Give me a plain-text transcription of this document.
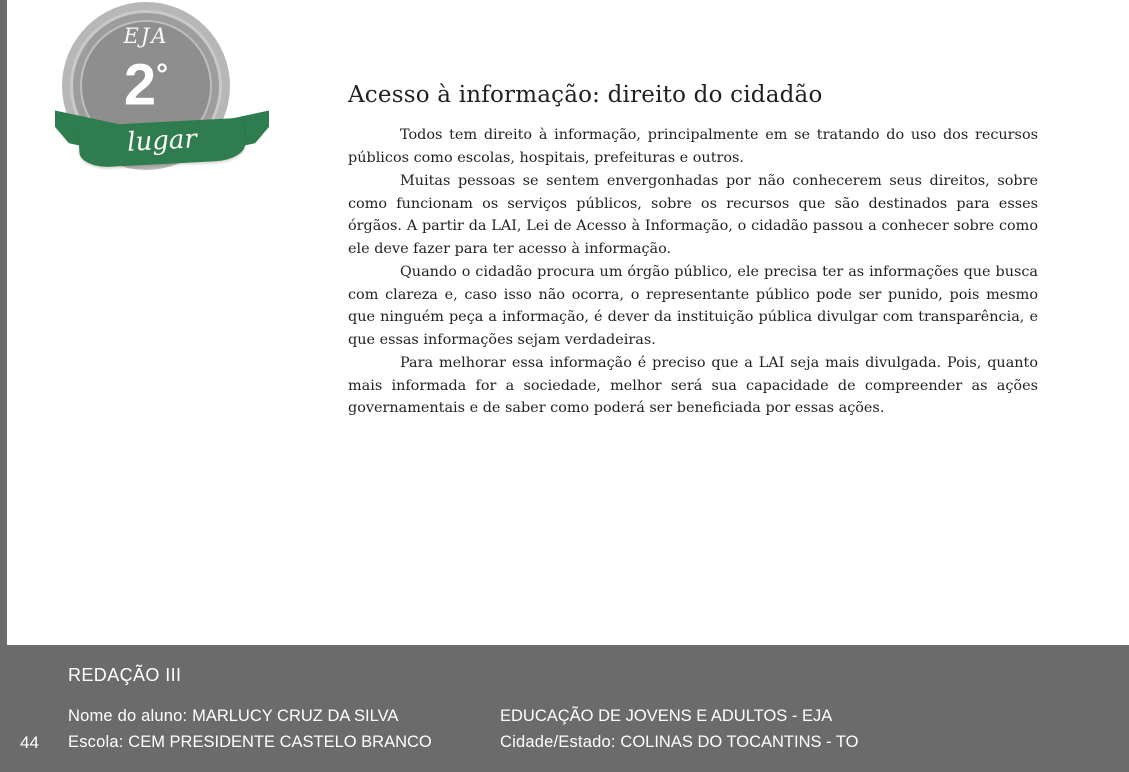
EJA
2°
lugar
Acesso à informação: direito do cidadão

Todos tem direito à informação, principalmente em se tratando do uso dos recursos públicos como escolas, hospitais, prefeituras e outros.

Muitas pessoas se sentem envergonhadas por não conhecerem seus direitos, sobre como funcionam os serviços públicos, sobre os recursos que são destinados para esses órgãos. A partir da LAI, Lei de Acesso à Informação, o cidadão passou a conhecer sobre como ele deve fazer para ter acesso à informação.

Quando o cidadão procura um órgão público, ele precisa ter as informações que busca com clareza e, caso isso não ocorra, o representante público pode ser punido, pois mesmo que ninguém peça a informação, é dever da instituição pública divulgar com transparência, e que essas informações sejam verdadeiras.

Para melhorar essa informação é preciso que a LAI seja mais divulgada. Pois, quanto mais informada for a sociedade, melhor será sua capacidade de compreender as ações governamentais e de saber como poderá ser beneficiada por essas ações.

44
REDAÇÃO III
Nome do aluno: MARLUCY CRUZ DA SILVA
Escola: CEM PRESIDENTE CASTELO BRANCO
EDUCAÇÃO DE JOVENS E ADULTOS - EJA
Cidade/Estado: COLINAS DO TOCANTINS - TO
